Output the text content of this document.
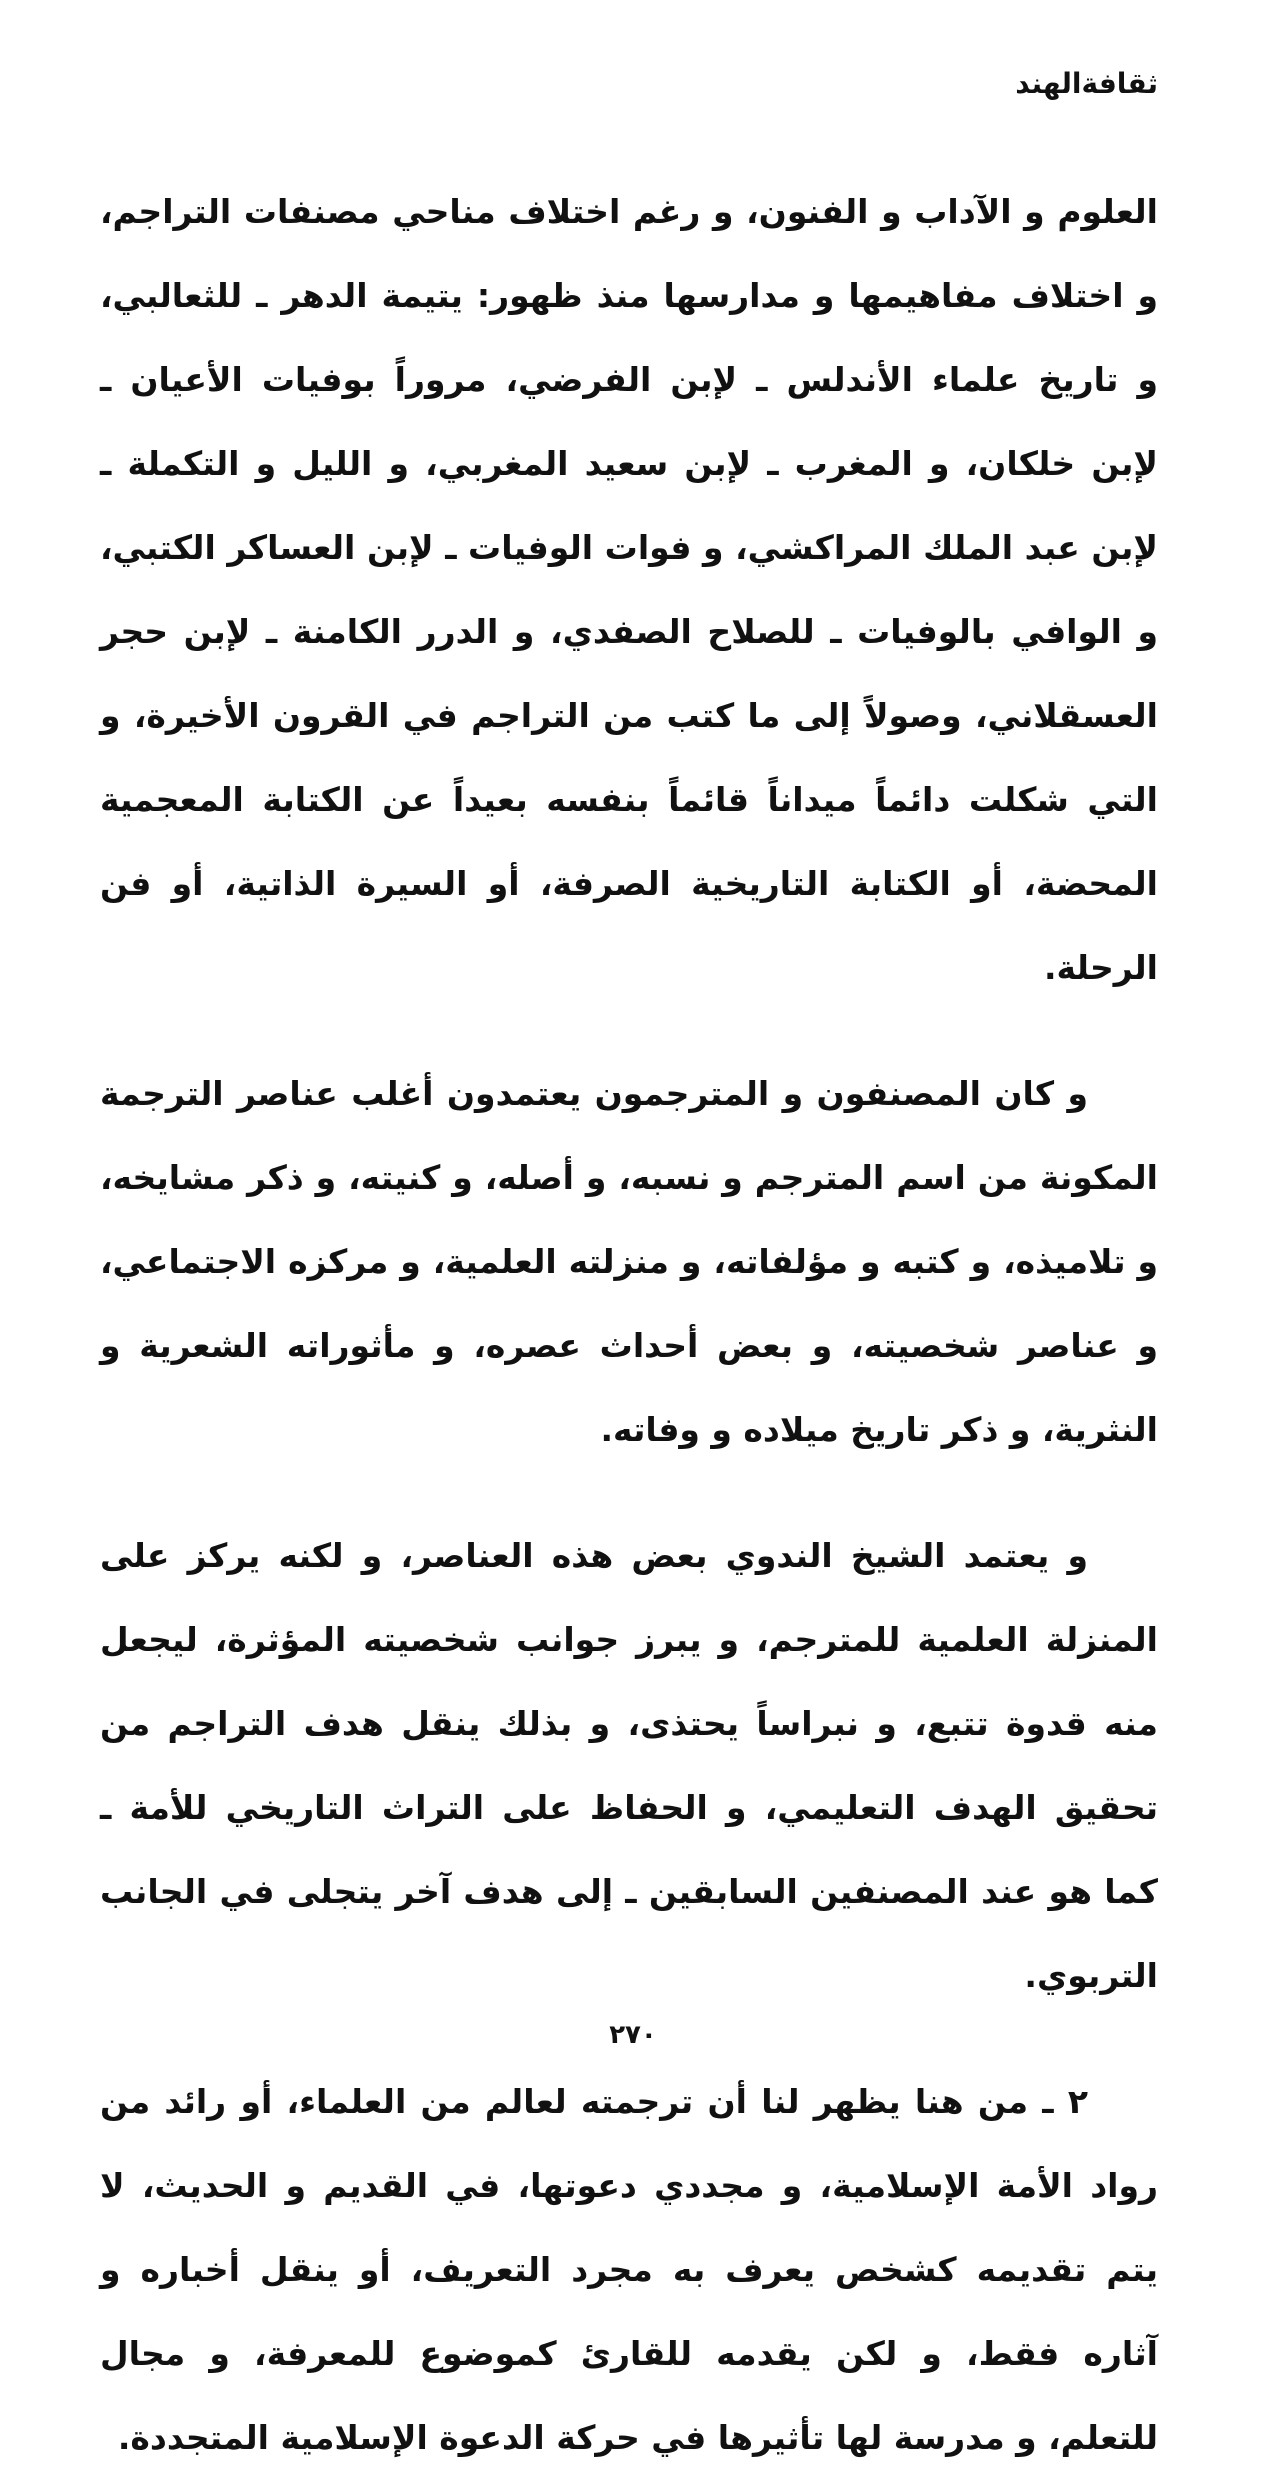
ثقافةالهند

العلوم و الآداب و الفنون، و رغم اختلاف مناحي مصنفات التراجم، و اختلاف مفاهيمها و مدارسها منذ ظهور: يتيمة الدهر ـ للثعالبي، و تاريخ علماء الأندلس ـ لإبن الفرضي، مروراً بوفيات الأعيان ـ لإبن خلكان، و المغرب ـ لإبن سعيد المغربي، و الليل و التكملة ـ لإبن عبد الملك المراكشي، و فوات الوفيات ـ لإبن العساكر الكتبي، و الوافي بالوفيات ـ للصلاح الصفدي، و الدرر الكامنة ـ لإبن حجر العسقلاني، وصولاً إلى ما كتب من التراجم في القرون الأخيرة، و التي شكلت دائماً ميداناً قائماً بنفسه بعيداً عن الكتابة المعجمية المحضة، أو الكتابة التاريخية الصرفة، أو السيرة الذاتية، أو فن الرحلة.

و كان المصنفون و المترجمون يعتمدون أغلب عناصر الترجمة المكونة من اسم المترجم و نسبه، و أصله، و كنيته، و ذكر مشايخه، و تلاميذه، و كتبه و مؤلفاته، و منزلته العلمية، و مركزه الاجتماعي، و عناصر شخصيته، و بعض أحداث عصره، و مأثوراته الشعرية و النثرية، و ذكر تاريخ ميلاده و وفاته.

و يعتمد الشيخ الندوي بعض هذه العناصر، و لكنه يركز على المنزلة العلمية للمترجم، و يبرز جوانب شخصيته المؤثرة، ليجعل منه قدوة تتبع، و نبراساً يحتذى، و بذلك ينقل هدف التراجم من تحقيق الهدف التعليمي، و الحفاظ على التراث التاريخي للأمة ـ كما هو عند المصنفين السابقين ـ إلى هدف آخر يتجلى في الجانب التربوي.

٢ ـ من هنا يظهر لنا أن ترجمته لعالم من العلماء، أو رائد من رواد الأمة الإسلامية، و مجددي دعوتها، في القديم و الحديث، لا يتم تقديمه كشخص يعرف به مجرد التعريف، أو ينقل أخباره و آثاره فقط، و لكن يقدمه للقارئ كموضوع للمعرفة، و مجال للتعلم، و مدرسة لها تأثيرها في حركة الدعوة الإسلامية المتجددة.

٢٧٠
